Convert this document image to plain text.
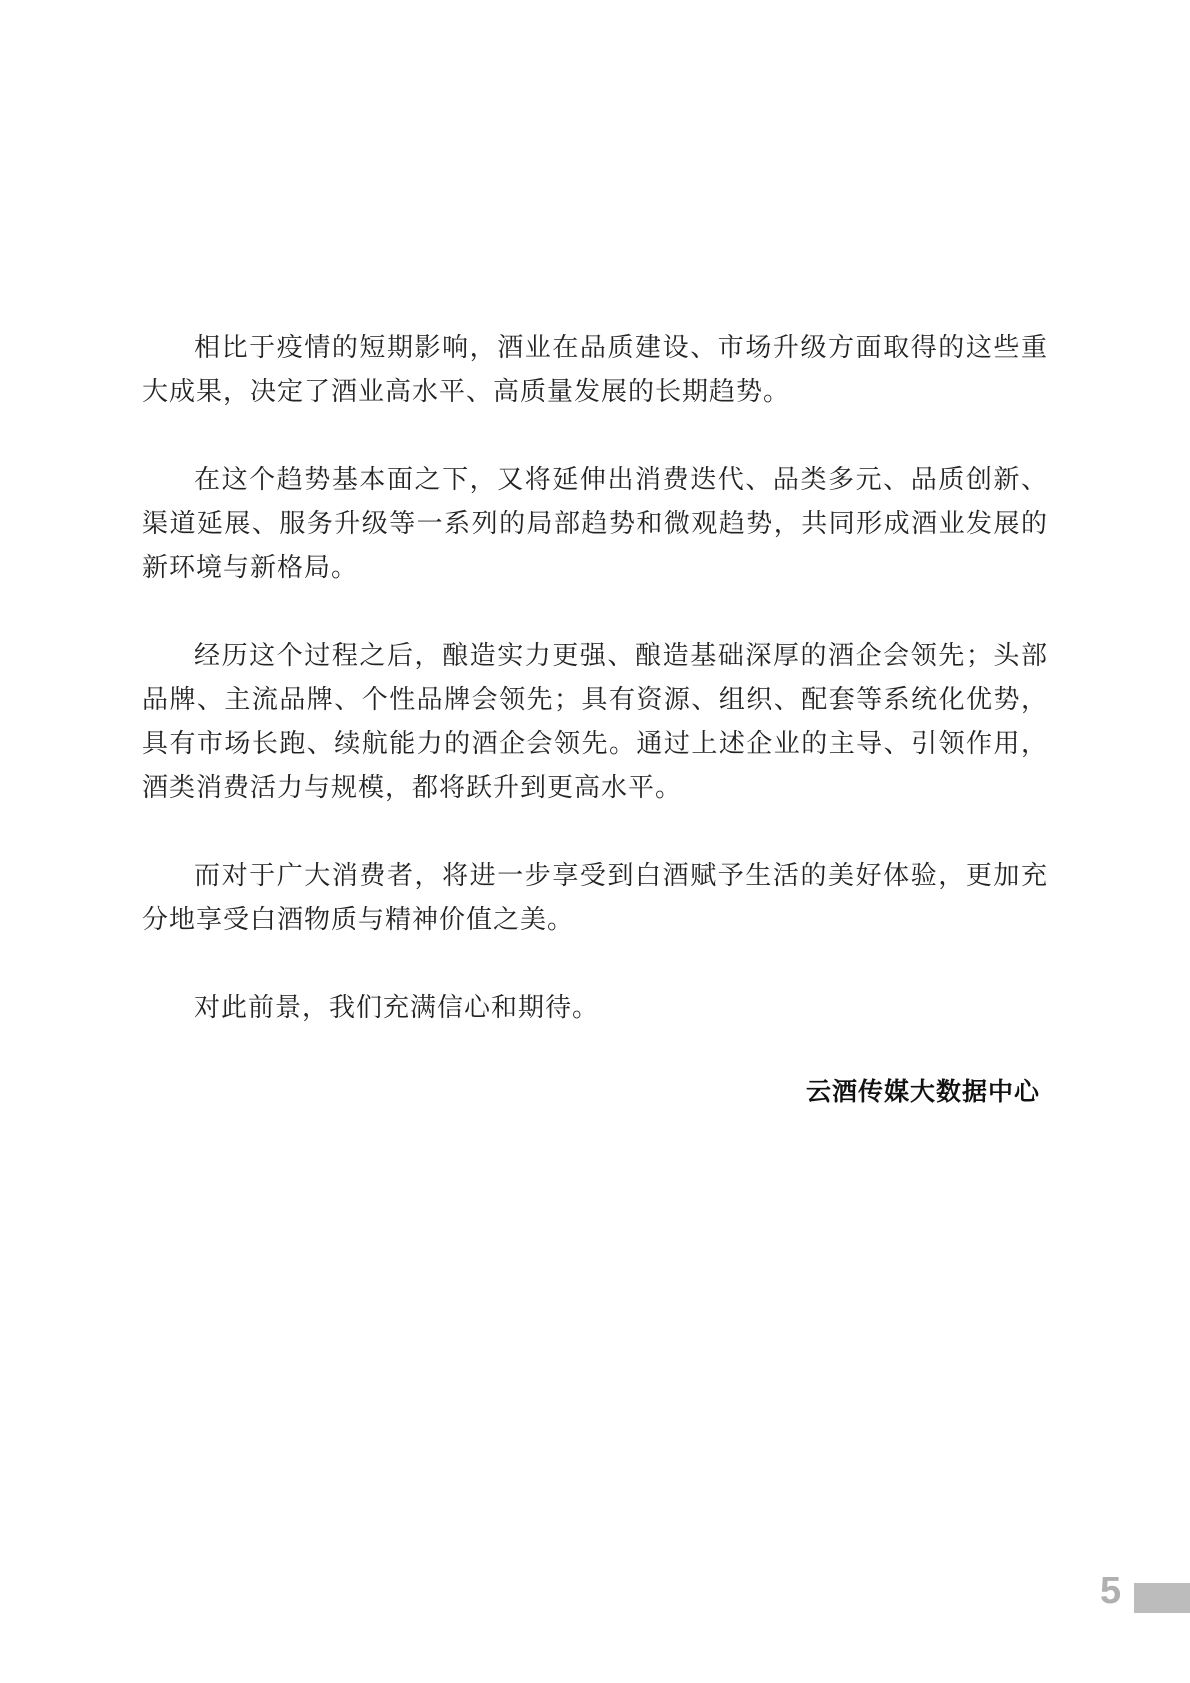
相比于疫情的短期影响，酒业在品质建设、市场升级方面取得的这些重大成果，决定了酒业高水平、高质量发展的长期趋势。

在这个趋势基本面之下，又将延伸出消费迭代、品类多元、品质创新、渠道延展、服务升级等一系列的局部趋势和微观趋势，共同形成酒业发展的新环境与新格局。

经历这个过程之后，酿造实力更强、酿造基础深厚的酒企会领先；头部品牌、主流品牌、个性品牌会领先；具有资源、组织、配套等系统化优势，具有市场长跑、续航能力的酒企会领先。通过上述企业的主导、引领作用，酒类消费活力与规模，都将跃升到更高水平。

而对于广大消费者，将进一步享受到白酒赋予生活的美好体验，更加充分地享受白酒物质与精神价值之美。

对此前景，我们充满信心和期待。

云酒传媒大数据中心
5
